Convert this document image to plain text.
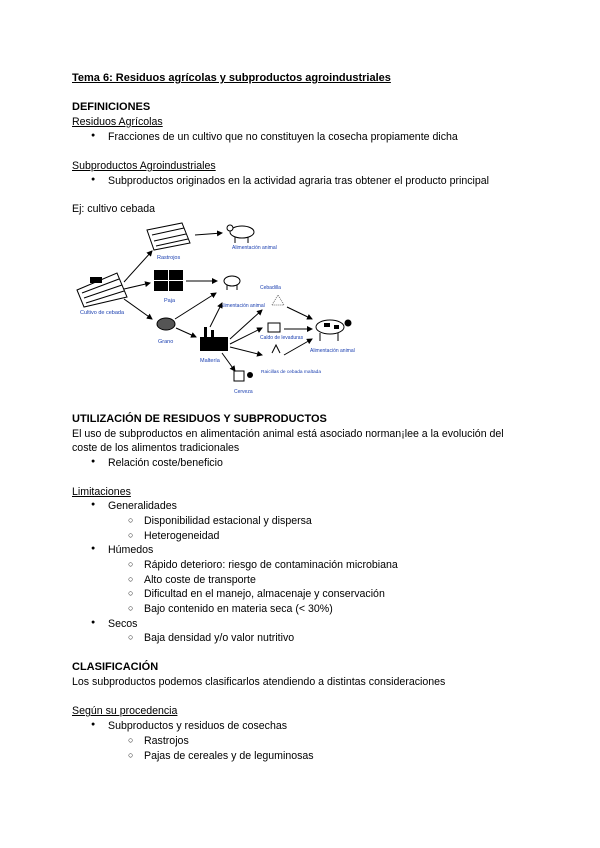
Tema 6: Residuos agrícolas y subproductos agroindustriales
DEFINICIONES
Residuos Agrícolas
● Fracciones de un cultivo que no constituyen la cosecha propiamente dicha
Subproductos Agroindustriales
● Subproductos originados en la actividad agraria tras obtener el producto principal
Ej: cultivo cebada
Cultivo de cebada
Rastrojos
Alimentación animal
Paja
Grano
Alimentación animal
Maltería
Cebadilla
Caldo de levaduras
Raicillas de cebada maltada
Cerveza
Alimentación animal
UTILIZACIÓN DE RESIDUOS Y SUBPRODUCTOS
El uso de subproductos en alimentación animal está asociado norman¡lee a la evolución del
coste de los alimentos tradicionales
● Relación coste/beneficio
Limitaciones
● Generalidades
○ Disponibilidad estacional y dispersa
○ Heterogeneidad
● Húmedos
○ Rápido deterioro: riesgo de contaminación microbiana
○ Alto coste de transporte
○ Dificultad en el manejo, almacenaje y conservación
○ Bajo contenido en materia seca (< 30%)
● Secos
○ Baja densidad y/o valor nutritivo
CLASIFICACIÓN
Los subproductos podemos clasificarlos atendiendo a distintas consideraciones
Según su procedencia
● Subproductos y residuos de cosechas
○ Rastrojos
○ Pajas de cereales y de leguminosas
